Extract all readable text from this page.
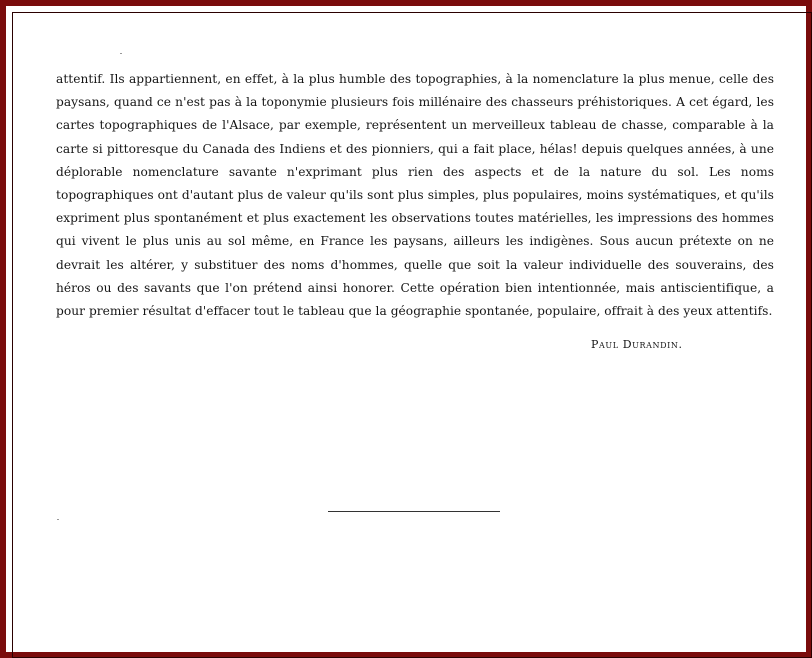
attentif. Ils appartiennent, en effet, à la plus humble des topographies, à la nomenclature la plus menue, celle des paysans, quand ce n'est pas à la toponymie plusieurs fois millénaire des chasseurs préhistoriques. A cet égard, les cartes topographiques de l'Alsace, par exemple, représentent un merveilleux tableau de chasse, comparable à la carte si pittoresque du Canada des Indiens et des pionniers, qui a fait place, hélas! depuis quelques années, à une déplorable nomenclature savante n'exprimant plus rien des aspects et de la nature du sol. Les noms topographiques ont d'autant plus de valeur qu'ils sont plus simples, plus populaires, moins systématiques, et qu'ils expriment plus spontanément et plus exactement les observations toutes matérielles, les impressions des hommes qui vivent le plus unis au sol même, en France les paysans, ailleurs les indigènes. Sous aucun prétexte on ne devrait les altérer, y substituer des noms d'hommes, quelle que soit la valeur individuelle des souverains, des héros ou des savants que l'on prétend ainsi honorer. Cette opération bien intentionnée, mais antiscientifique, a pour premier résultat d'effacer tout le tableau que la géographie spontanée, populaire, offrait à des yeux attentifs.

Paul Durandin.
